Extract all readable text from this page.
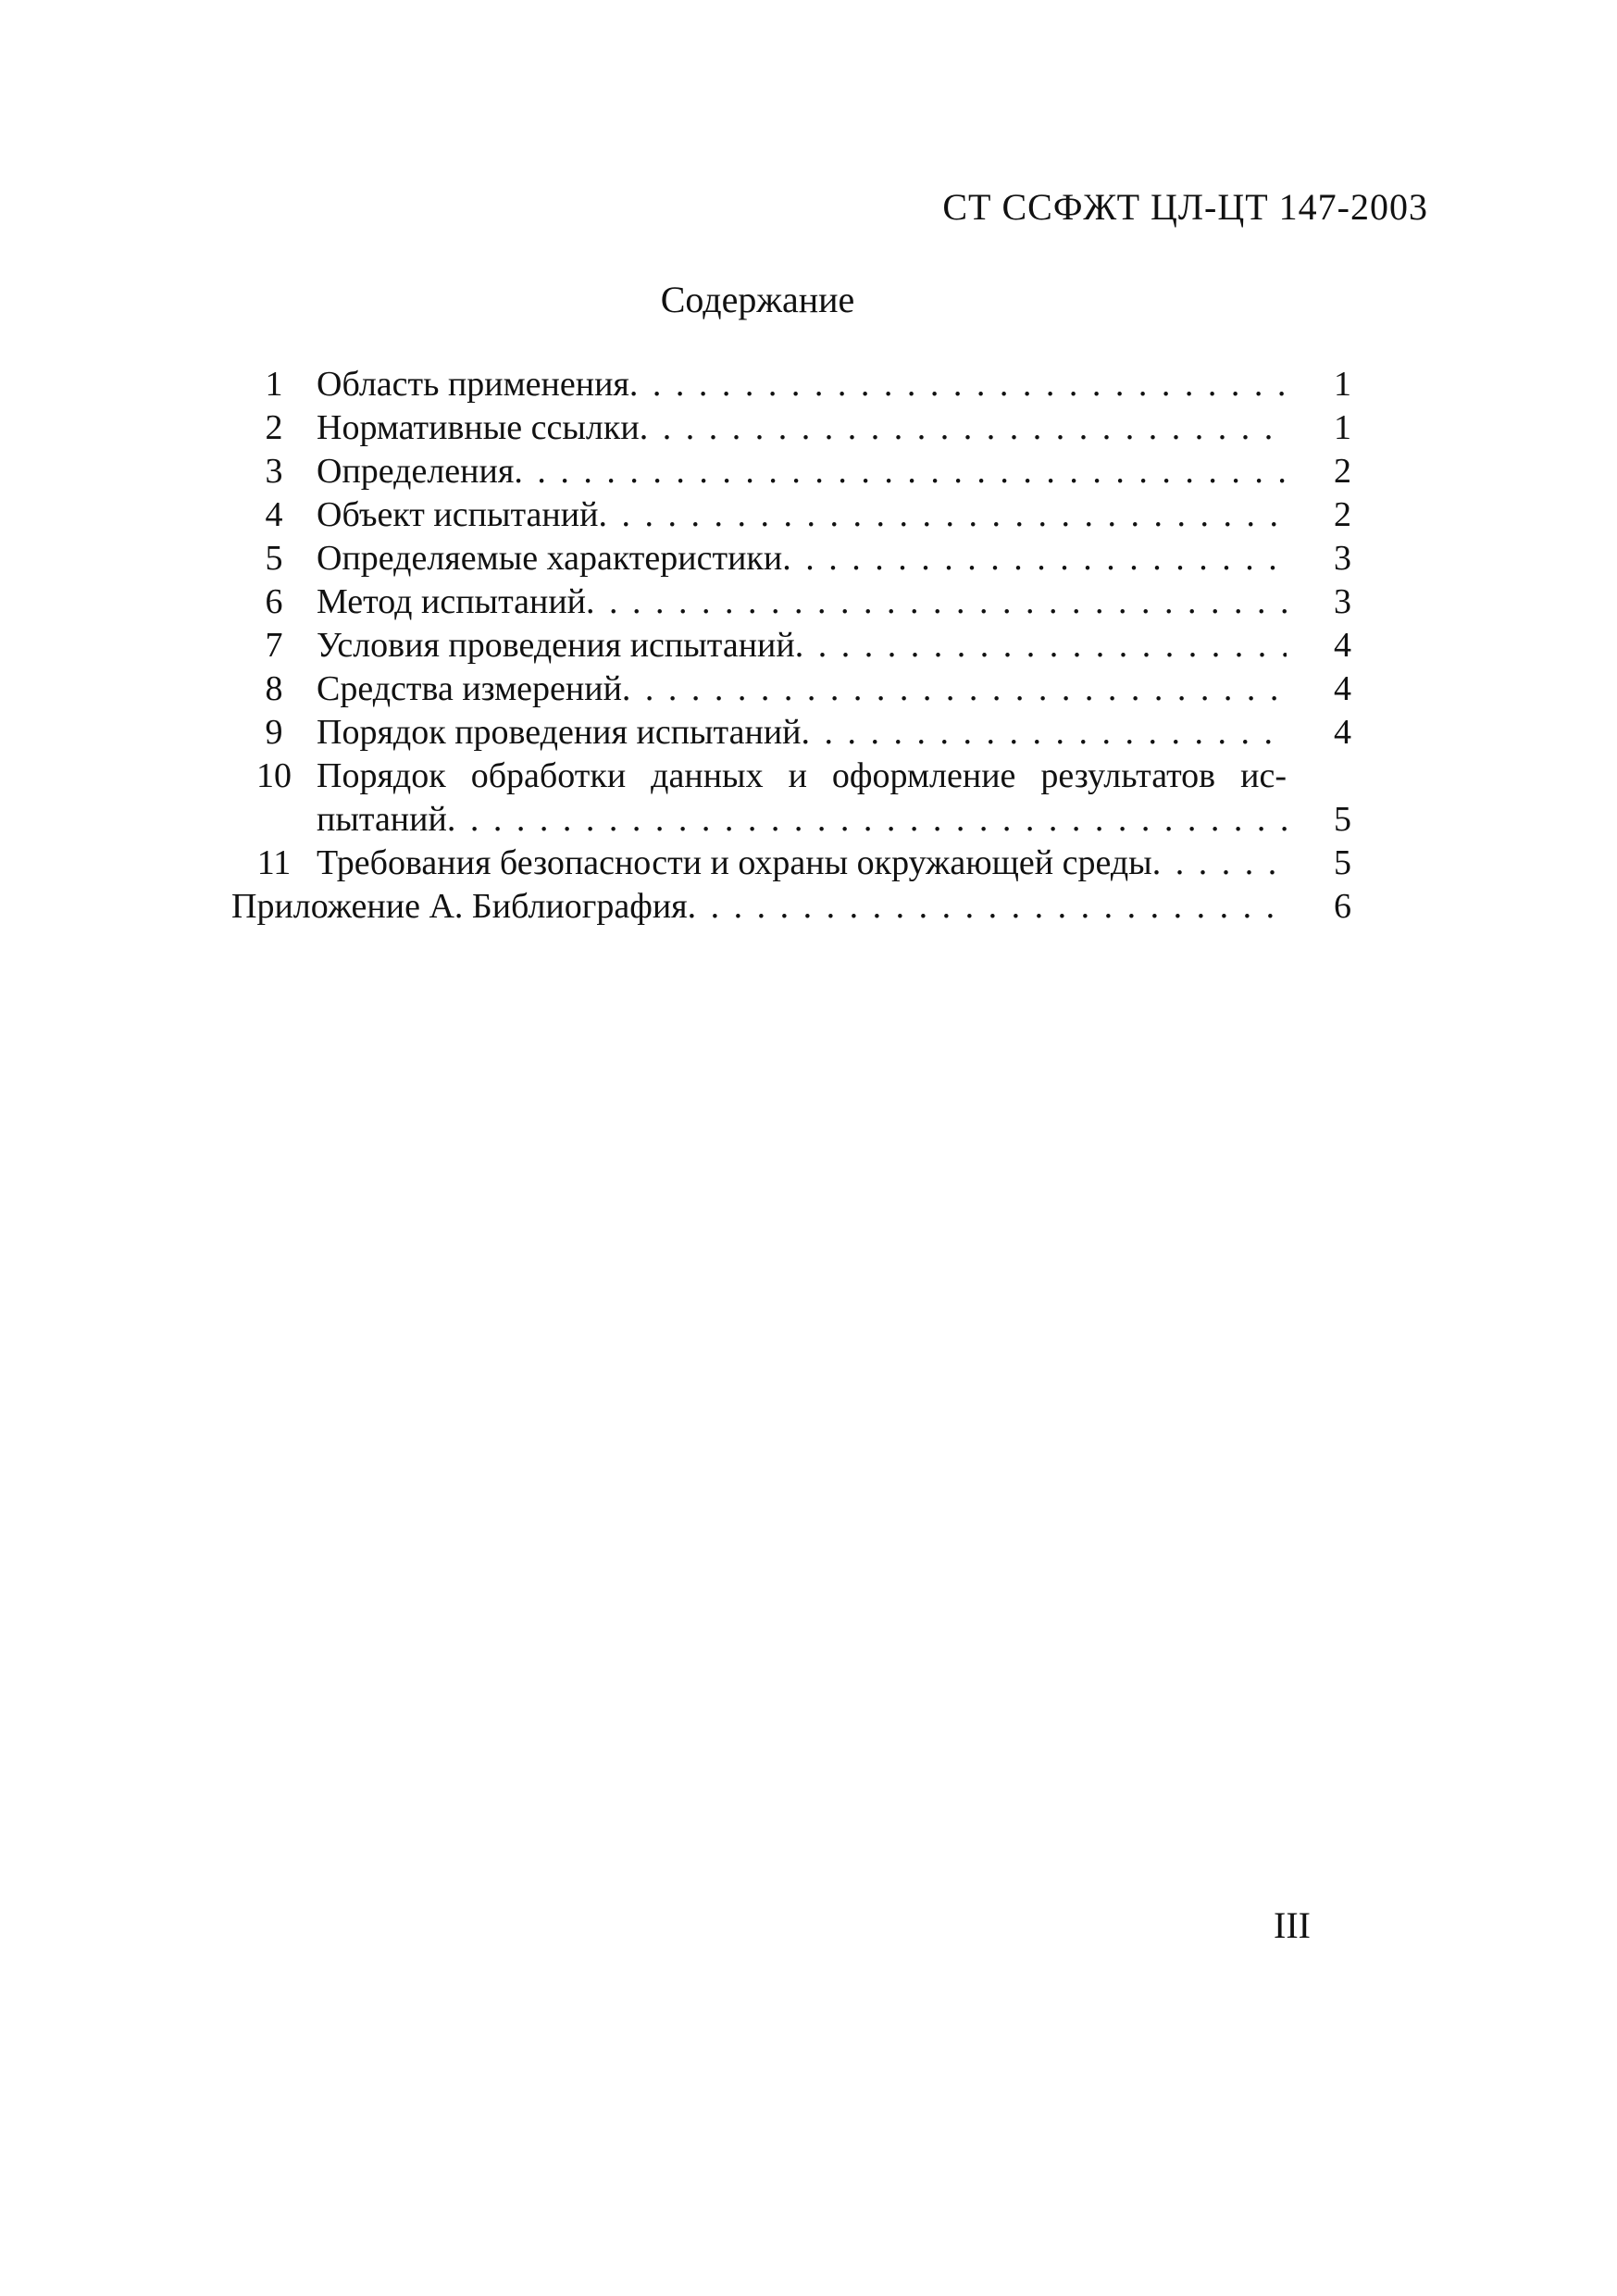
СТ ССФЖТ ЦЛ-ЦТ 147-2003
Содержание
1 Область применения . . .	1
2 Нормативные ссылки . . .	1
3 Определения . . .	2
4 Объект испытаний . . .	2
5 Определяемые характеристики . . .	3
6 Метод испытаний . . .	3
7 Условия проведения испытаний . . .	4
8 Средства измерений . . .	4
9 Порядок проведения испытаний . . .	4
10 Порядок обработки данных и оформление результатов ис-
пытаний . . .	5
11 Требования безопасности и охраны окружающей среды . . .	5
Приложение А. Библиография . . .	6
III
